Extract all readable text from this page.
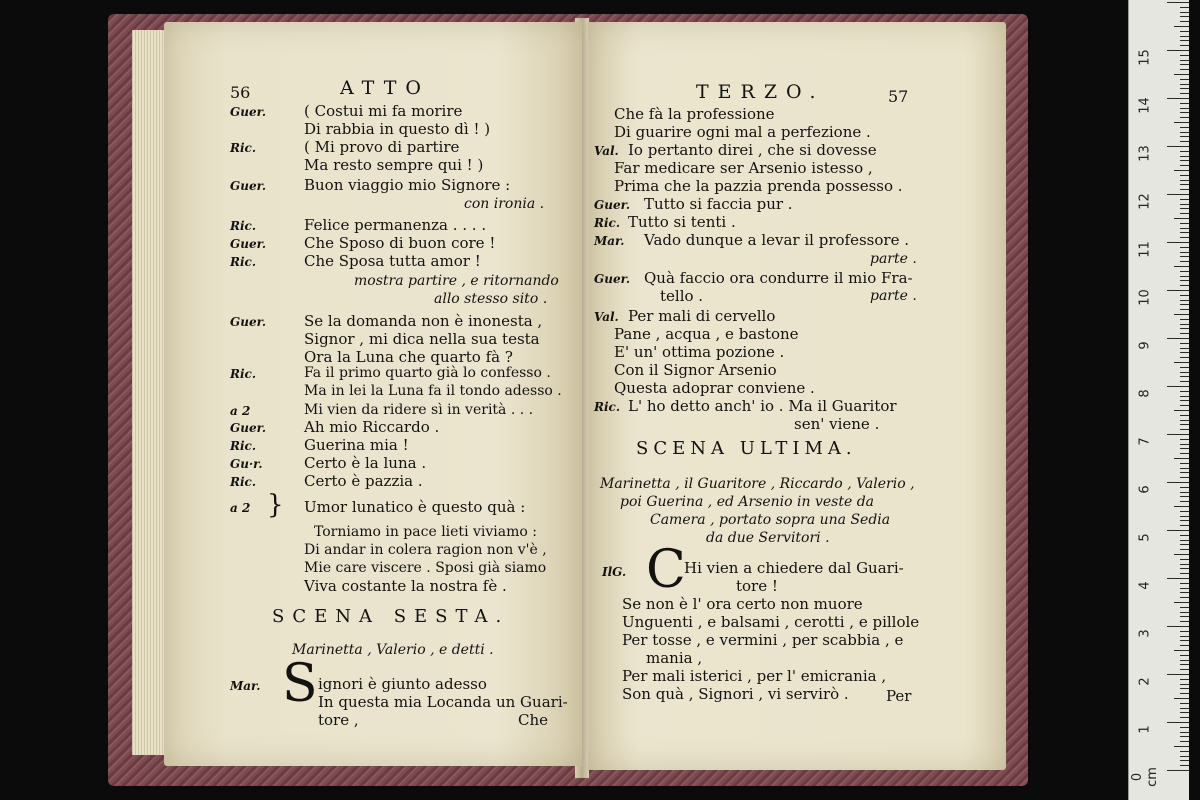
56	ATTO
Guer.	( Costui mi fa morire
Di rabbia in questo dì ! )
Ric.	( Mi provo di partire
Ma resto sempre qui ! )
Guer.	Buon viaggio mio Signore :
con ironia .
Ric.	Felice permanenza . . . .
Guer.	Che Sposo di buon core !
Ric.	Che Sposa tutta amor !
mostra partire , e ritornando
allo stesso sito .
Guer.	Se la domanda non è inonesta ,
Signor , mi dica nella sua testa
Ora la Luna che quarto fà ?
Ric.	Fa il primo quarto già lo confesso .
Ma in lei la Luna fa il tondo adesso .
a 2	Mi vien da ridere sì in verità . . .
Guer.	Ah mio Riccardo .
Ric.	Guerina mia !
Gu·r.	Certo è la luna .
Ric.	Certo è pazzia .
a 2 } Umor lunatico è questo quà :
Torniamo in pace lieti viviamo :
Di andar in colera ragion non v'è ,
Mie care viscere . Sposi già siamo
Viva costante la nostra fè .
SCENA SESTA.
Marinetta , Valerio , e detti .
Mar. S ignori è giunto adesso
In questa mia Locanda un Guari-
tore ,	Che
TERZO.	57
Che fà la professione
Di guarire ogni mal a perfezione .
Val. Io pertanto direi , che si dovesse
Far medicare ser Arsenio istesso ,
Prima che la pazzia prenda possesso .
Guer. Tutto si faccia pur .
Ric. Tutto si tenti .
Mar. Vado dunque a levar il professore .
parte .
Guer. Quà faccio ora condurre il mio Fra-
tello .	parte .
Val. Per mali di cervello
Pane , acqua , e bastone
E' un' ottima pozione .
Con il Signor Arsenio
Questa adoprar conviene .
Ric. L' ho detto anch' io . Ma il Guaritor
sen' viene .
SCENA ULTIMA.
Marinetta , il Guaritore , Riccardo , Valerio ,
poi Guerina , ed Arsenio in veste da
Camera , portato sopra una Sedia
da due Servitori .
IlG. C
Hi vien a chiedere dal Guari-
tore !
Se non è l' ora certo non muore
Unguenti , e balsami , cerotti , e pillole
Per tosse , e vermini , per scabbia , e
mania ,
Per mali isterici , per l' emicrania ,
Son quà , Signori , vi servirò . Per
0 cm
1
2
3
4
5
6
7
8
9
10
11
12
13
14
15
